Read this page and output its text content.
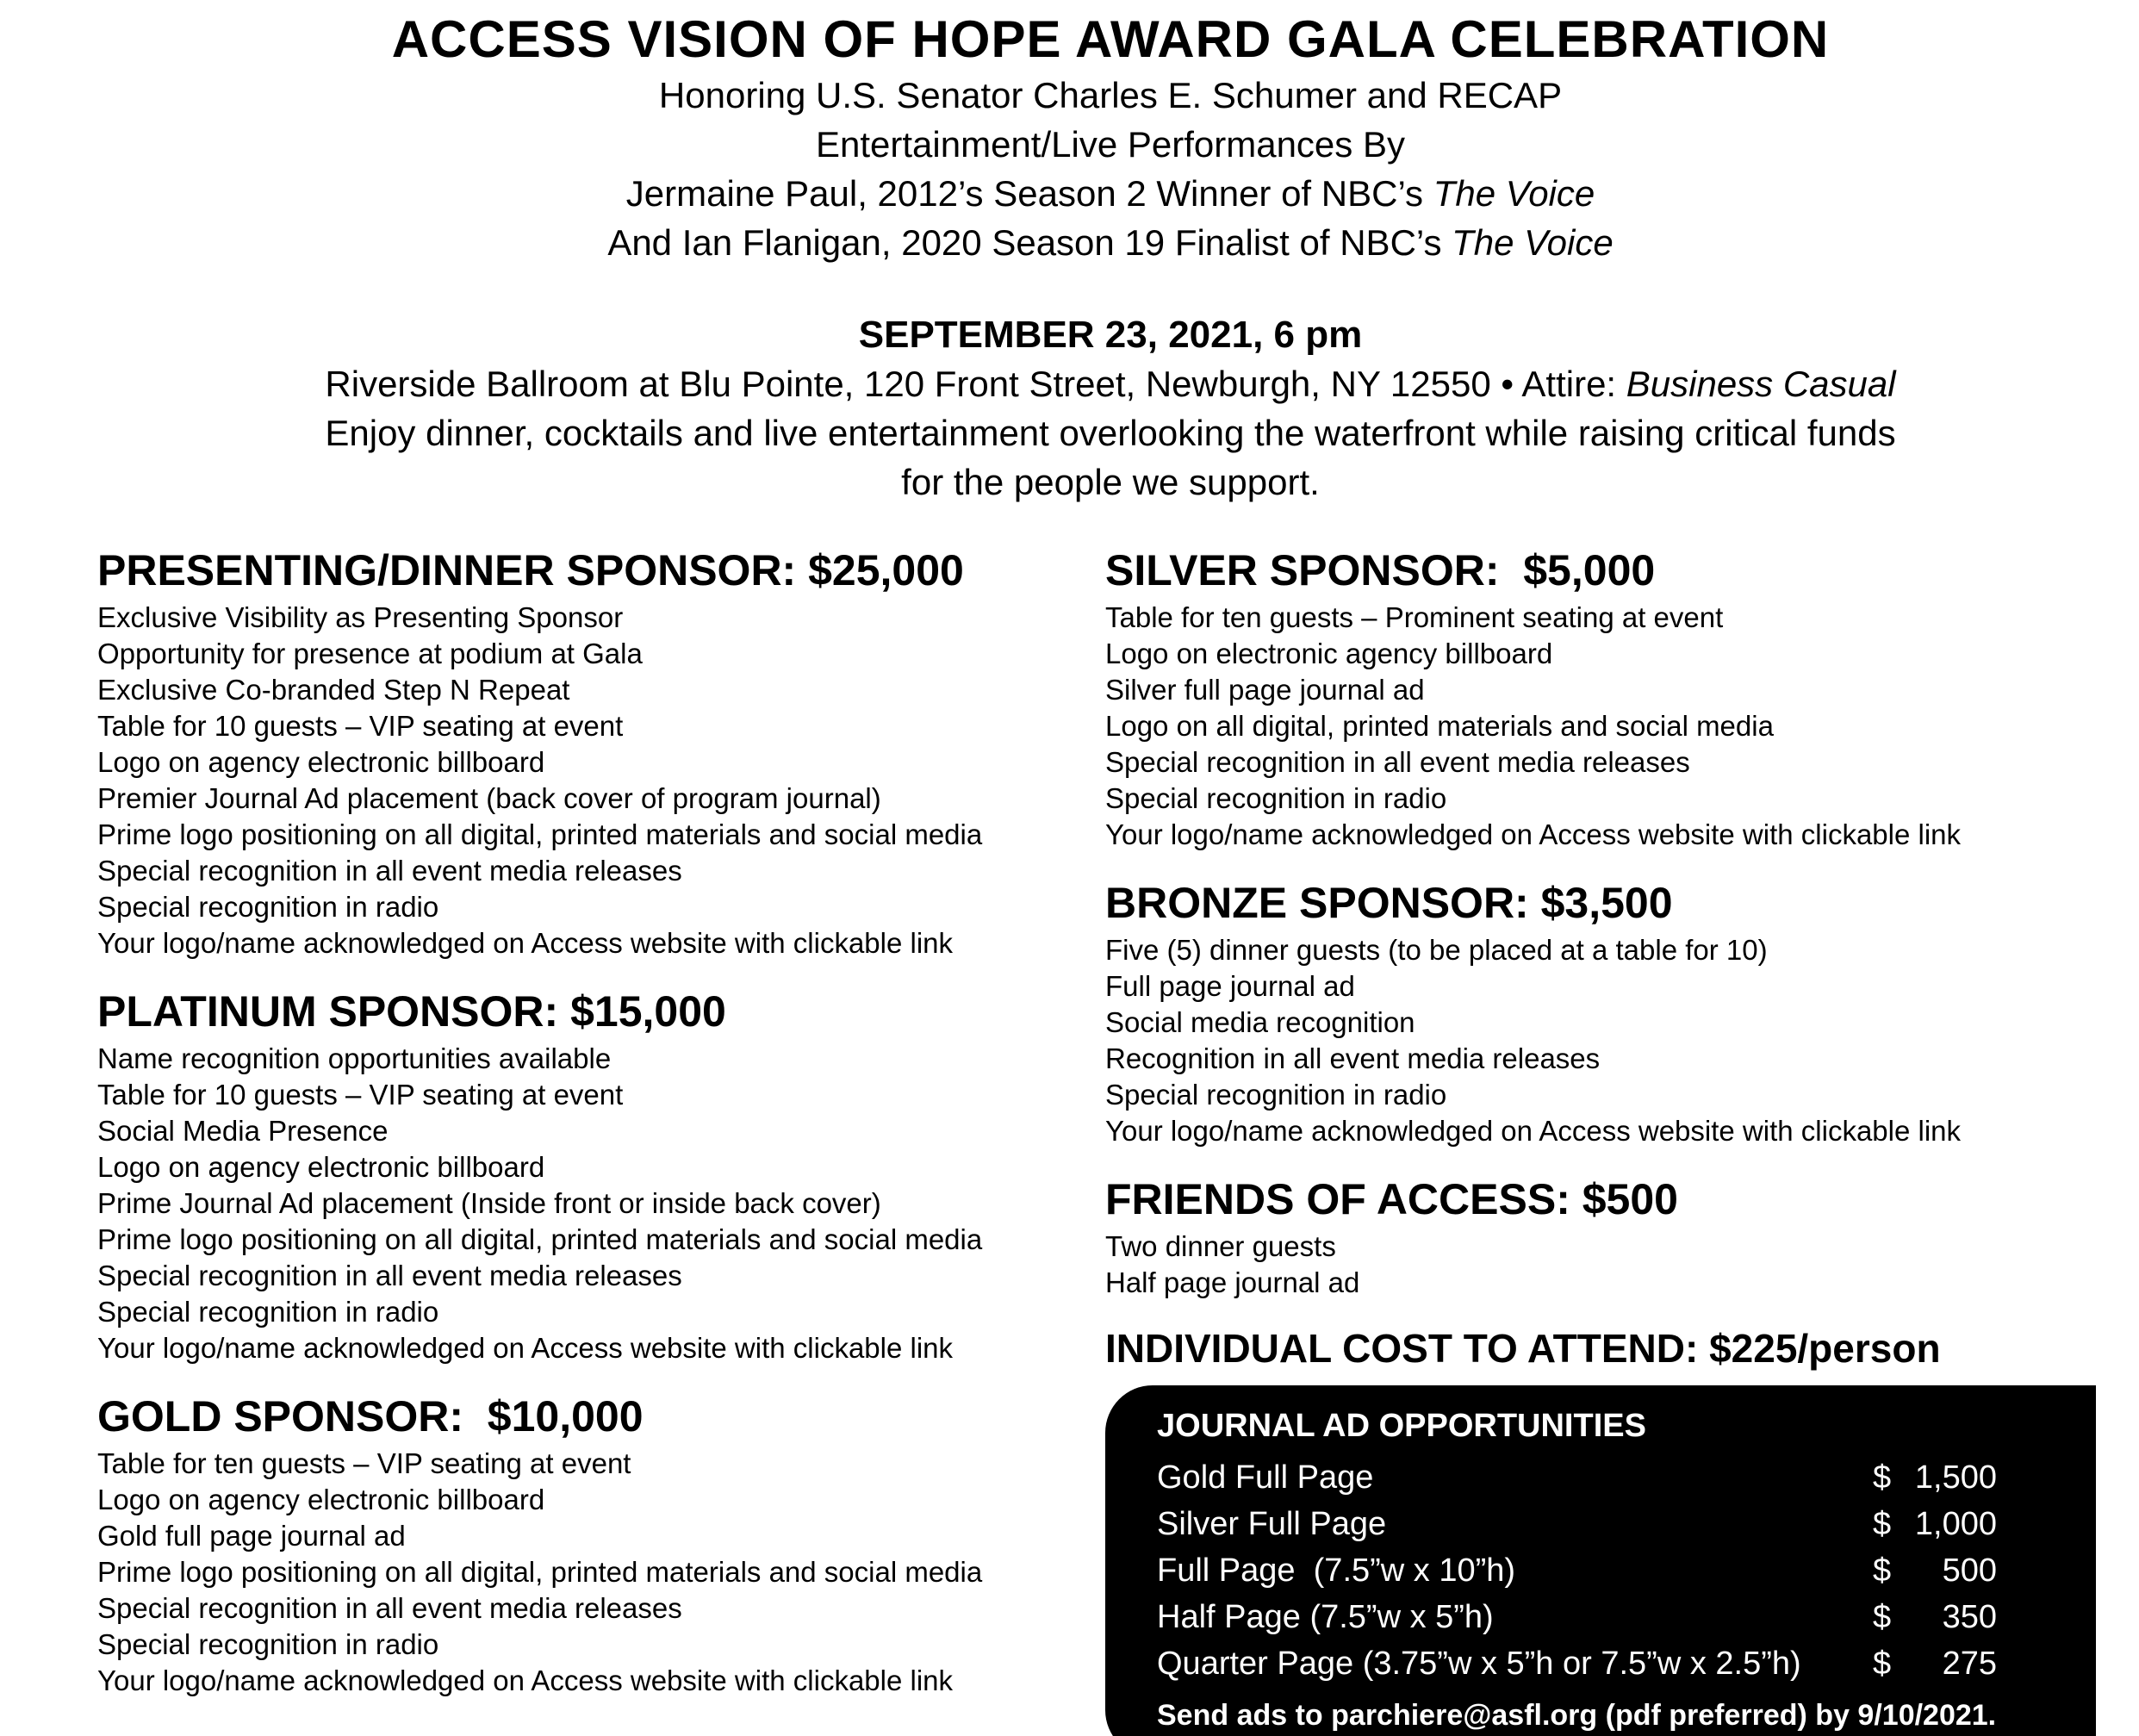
ACCESS VISION OF HOPE AWARD GALA CELEBRATION

Honoring U.S. Senator Charles E. Schumer and RECAP

Entertainment/Live Performances By

Jermaine Paul, 2012’s Season 2 Winner of NBC’s The Voice

And Ian Flanigan, 2020 Season 19 Finalist of NBC’s The Voice

SEPTEMBER 23, 2021, 6 pm

Riverside Ballroom at Blu Pointe, 120 Front Street, Newburgh, NY 12550 • Attire: Business Casual

Enjoy dinner, cocktails and live entertainment overlooking the waterfront while raising critical funds

for the people we support.

PRESENTING/DINNER SPONSOR: $25,000
Exclusive Visibility as Presenting Sponsor
Opportunity for presence at podium at Gala
Exclusive Co-branded Step N Repeat
Table for 10 guests – VIP seating at event
Logo on agency electronic billboard
Premier Journal Ad placement (back cover of program journal)
Prime logo positioning on all digital, printed materials and social media
Special recognition in all event media releases
Special recognition in radio
Your logo/name acknowledged on Access website with clickable link
PLATINUM SPONSOR: $15,000
Name recognition opportunities available
Table for 10 guests – VIP seating at event
Social Media Presence
Logo on agency electronic billboard
Prime Journal Ad placement (Inside front or inside back cover)
Prime logo positioning on all digital, printed materials and social media
Special recognition in all event media releases
Special recognition in radio
Your logo/name acknowledged on Access website with clickable link
GOLD SPONSOR:  $10,000
Table for ten guests – VIP seating at event
Logo on agency electronic billboard
Gold full page journal ad
Prime logo positioning on all digital, printed materials and social media
Special recognition in all event media releases
Special recognition in radio
Your logo/name acknowledged on Access website with clickable link
SILVER SPONSOR:  $5,000
Table for ten guests – Prominent seating at event
Logo on electronic agency billboard
Silver full page journal ad
Logo on all digital, printed materials and social media
Special recognition in all event media releases
Special recognition in radio
Your logo/name acknowledged on Access website with clickable link
BRONZE SPONSOR: $3,500
Five (5) dinner guests (to be placed at a table for 10)
Full page journal ad
Social media recognition
Recognition in all event media releases
Special recognition in radio
Your logo/name acknowledged on Access website with clickable link
FRIENDS OF ACCESS: $500
Two dinner guests
Half page journal ad
INDIVIDUAL COST TO ATTEND: $225/person
JOURNAL AD OPPORTUNITIES
Gold Full Page	$ 1,500
Silver Full Page	$ 1,000
Full Page  (7.5”w x 10”h)	$	500
Half Page (7.5”w x 5”h)	$	350
Quarter Page (3.75”w x 5”h or 7.5”w x 2.5”h)	$	275

Send ads to parchiere@asfl.org (pdf preferred) by 9/10/2021.
